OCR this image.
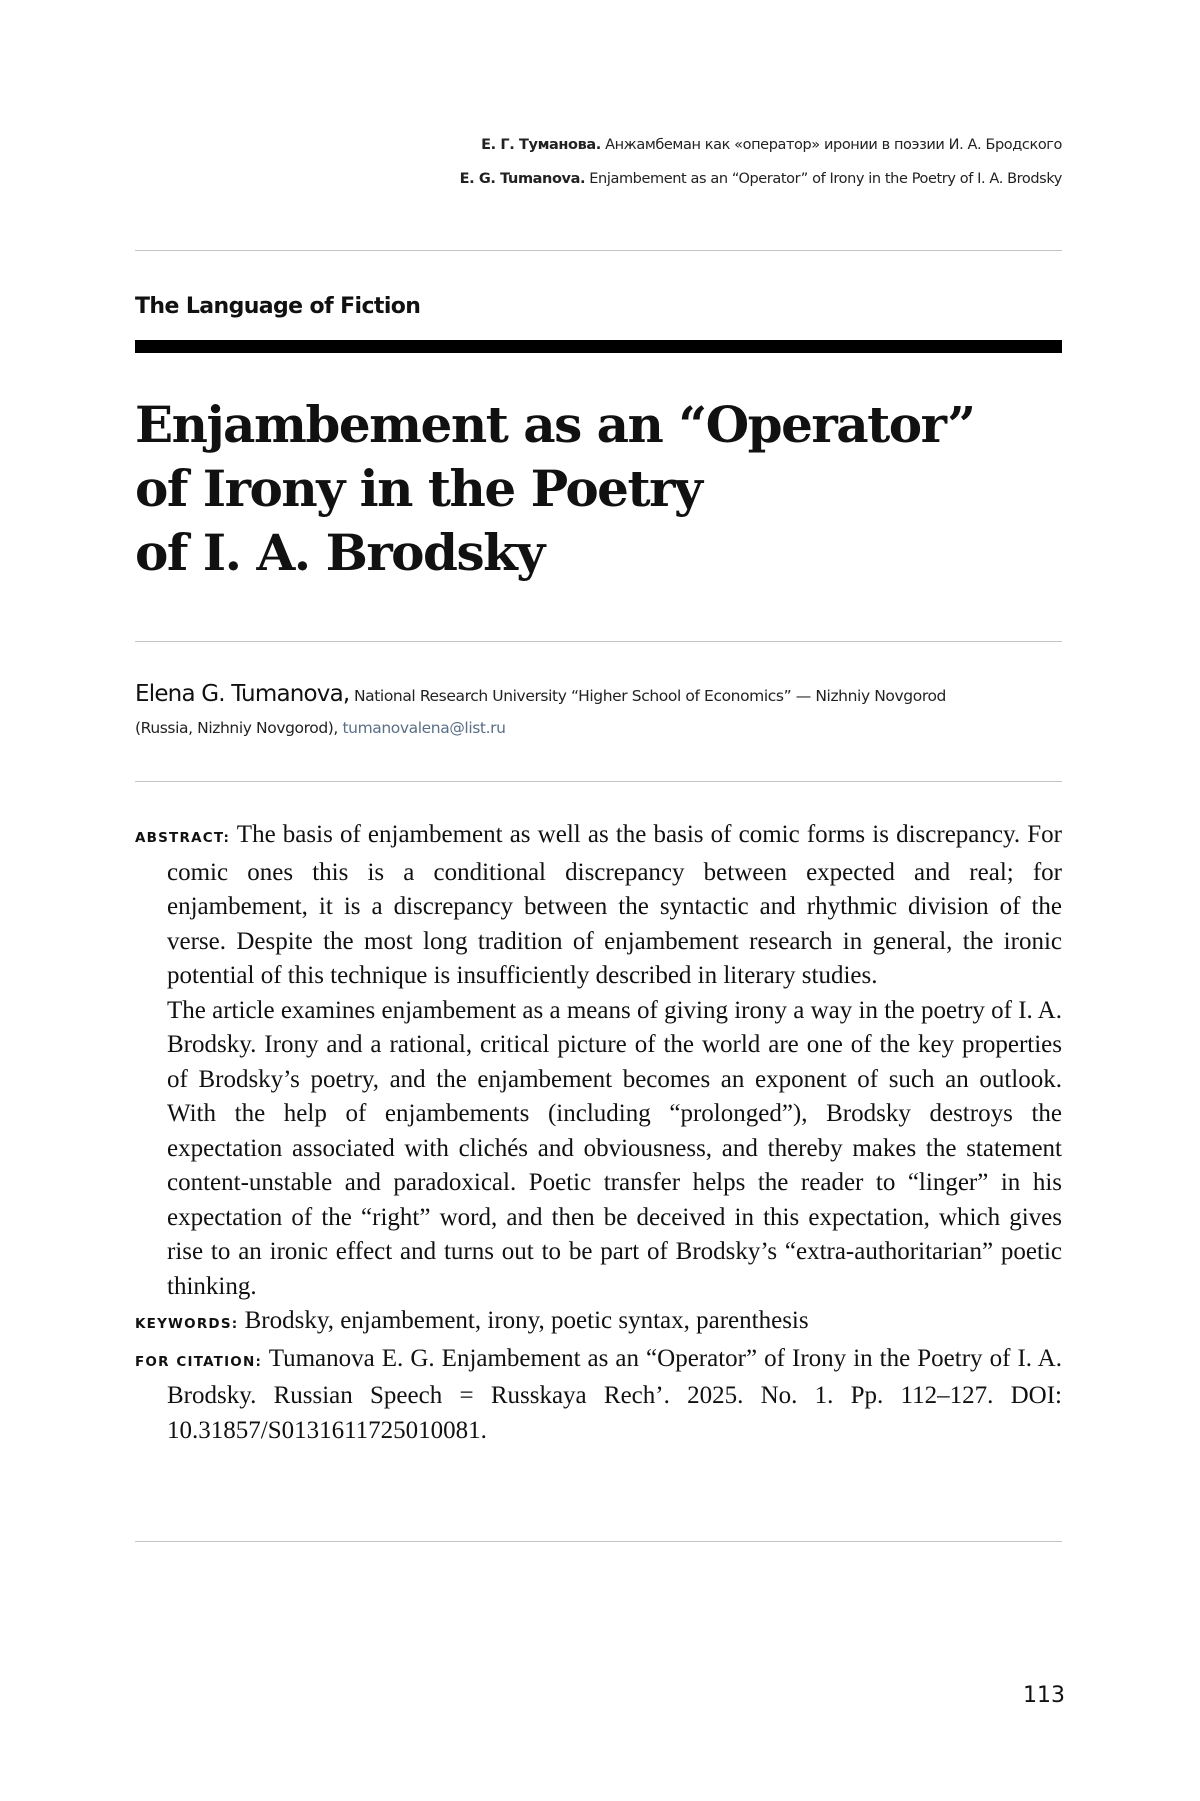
Е. Г. Туманова. Анжамбеман как «оператор» иронии в поэзии И. А. Бродского
E. G. Tumanova. Enjambement as an “Operator” of Irony in the Poetry of I. A. Brodsky
The Language of Fiction
Enjambement as an “Operator”
of Irony in the Poetry
of I. A. Brodsky
Elena G. Tumanova, National Research University “Higher School of Economics” — Nizhniy Novgorod
(Russia, Nizhniy Novgorod), tumanovalena@list.ru

ABSTRACT: The basis of enjambement as well as the basis of comic forms is discrepancy. For comic ones this is a conditional discrepancy between expected and real; for enjambement, it is a discrepancy between the syntactic and rhythmic division of the verse. Despite the most long tradition of enjambement research in general, the ironic potential of this technique is insufficiently described in literary studies.

The article examines enjambement as a means of giving irony a way in the poetry of I. A. Brodsky. Irony and a rational, critical picture of the world are one of the key properties of Brodsky’s poetry, and the enjambement becomes an exponent of such an outlook. With the help of enjambements (including “prolonged”), Brodsky destroys the expectation associated with clichés and obviousness, and thereby makes the statement content-unstable and paradoxical. Poetic transfer helps the reader to “linger” in his expectation of the “right” word, and then be deceived in this expectation, which gives rise to an ironic effect and turns out to be part of Brodsky’s “extra-authoritarian” poetic thinking.

KEYWORDS: Brodsky, enjambement, irony, poetic syntax, parenthesis

FOR CITATION: Tumanova E. G. Enjambement as an “Operator” of Irony in the Poetry of I. A. Brodsky. Russian Speech = Russkaya Rech’. 2025. No. 1. Pp. 112–127. DOI: 10.31857/S0131611725010081.

113
